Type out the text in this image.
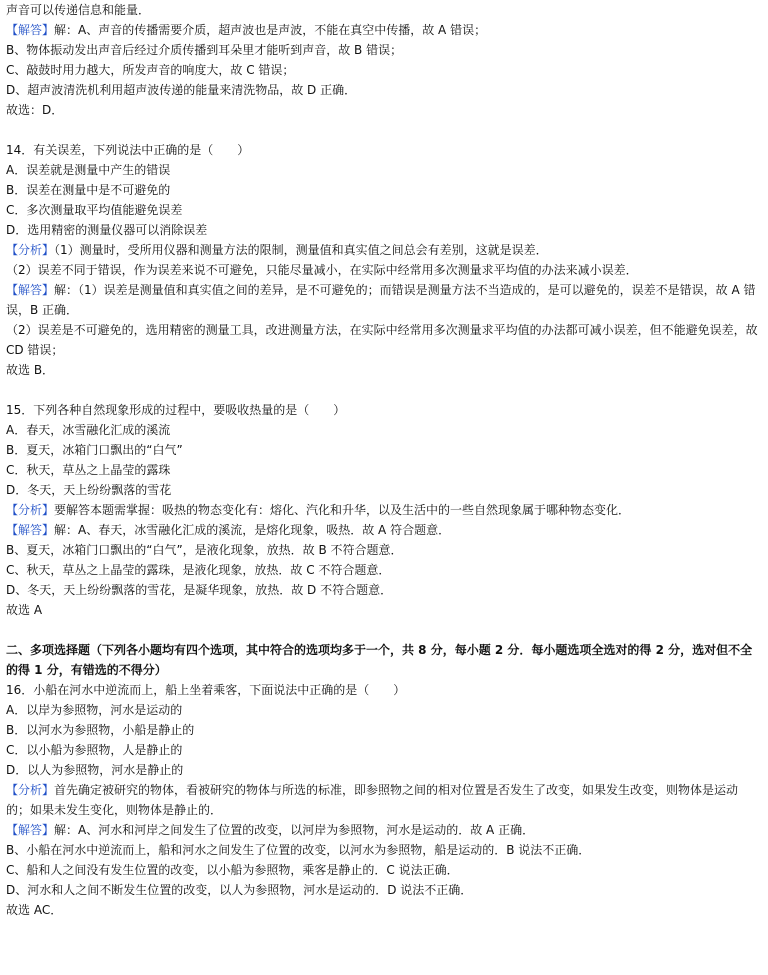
声音可以传递信息和能量．
【解答】解：A、声音的传播需要介质，超声波也是声波，不能在真空中传播，故 A 错误；
B、物体振动发出声音后经过介质传播到耳朵里才能听到声音，故 B 错误；
C、敲鼓时用力越大，所发声音的响度大，故 C 错误；
D、超声波清洗机利用超声波传递的能量来清洗物品，故 D 正确．
故选：D．
14．有关误差，下列说法中正确的是（　　）
A．误差就是测量中产生的错误
B．误差在测量中是不可避免的
C．多次测量取平均值能避免误差
D．选用精密的测量仪器可以消除误差
【分析】（1）测量时，受所用仪器和测量方法的限制，测量值和真实值之间总会有差别，这就是误差．
（2）误差不同于错误，作为误差来说不可避免，只能尽量减小，在实际中经常用多次测量求平均值的办法来减小误差．
【解答】解：（1）误差是测量值和真实值之间的差异，是不可避免的；而错误是测量方法不当造成的，是可以避免的，误差不是错误，故 A 错误，B 正确．
（2）误差是不可避免的，选用精密的测量工具，改进测量方法，在实际中经常用多次测量求平均值的办法都可减小误差，但不能避免误差，故 CD 错误；
故选 B．
15．下列各种自然现象形成的过程中，要吸收热量的是（　　）
A．春天，冰雪融化汇成的溪流
B．夏天，冰箱门口飘出的“白气”
C．秋天，草丛之上晶莹的露珠
D．冬天，天上纷纷飘落的雪花
【分析】要解答本题需掌握：吸热的物态变化有：熔化、汽化和升华，以及生活中的一些自然现象属于哪种物态变化．
【解答】解：A、春天，冰雪融化汇成的溪流，是熔化现象，吸热．故 A 符合题意．
B、夏天，冰箱门口飘出的“白气”，是液化现象，放热．故 B 不符合题意．
C、秋天，草丛之上晶莹的露珠，是液化现象，放热．故 C 不符合题意．
D、冬天，天上纷纷飘落的雪花，是凝华现象，放热．故 D 不符合题意．
故选 A
二、多项选择题（下列各小题均有四个选项，其中符合的选项均多于一个，共 8 分，每小题 2 分．每小题选项全选对的得 2 分，选对但不全的得 1 分，有错选的不得分）
16．小船在河水中逆流而上，船上坐着乘客，下面说法中正确的是（　　）
A．以岸为参照物，河水是运动的
B．以河水为参照物，小船是静止的
C．以小船为参照物，人是静止的
D．以人为参照物，河水是静止的
【分析】首先确定被研究的物体，看被研究的物体与所选的标准，即参照物之间的相对位置是否发生了改变，如果发生改变，则物体是运动的；如果未发生变化，则物体是静止的．
【解答】解：A、河水和河岸之间发生了位置的改变，以河岸为参照物，河水是运动的．故 A 正确．
B、小船在河水中逆流而上，船和河水之间发生了位置的改变，以河水为参照物，船是运动的．B 说法不正确．
C、船和人之间没有发生位置的改变，以小船为参照物，乘客是静止的．C 说法正确．
D、河水和人之间不断发生位置的改变，以人为参照物，河水是运动的．D 说法不正确．
故选 AC．
